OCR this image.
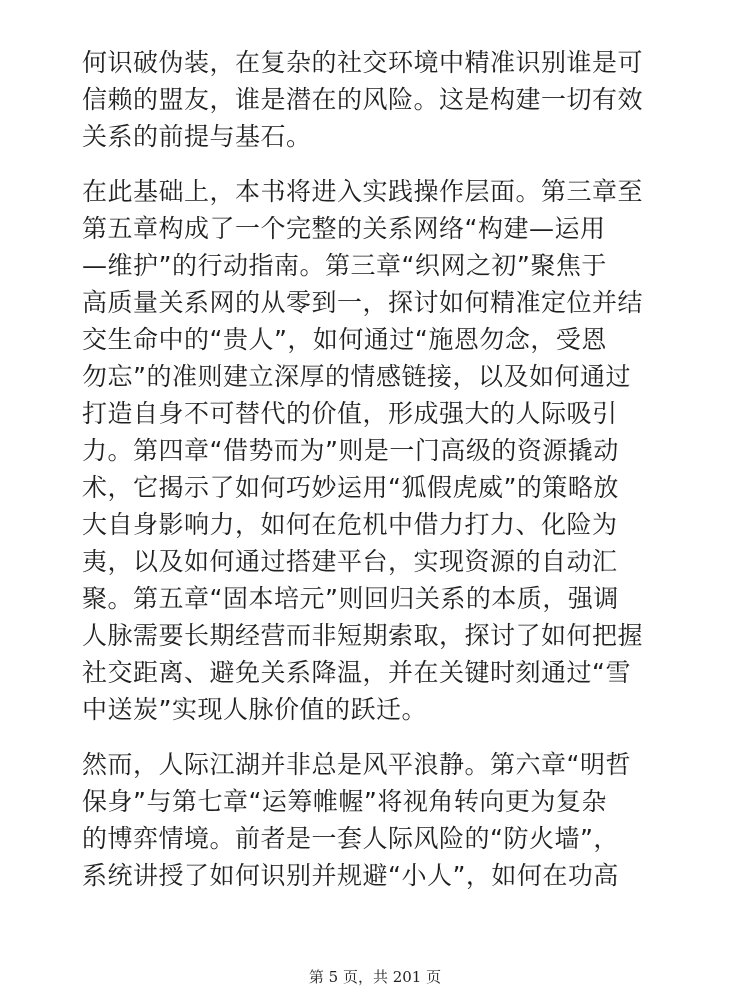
何识破伪装，在复杂的社交环境中精准识别谁是可
信赖的盟友，谁是潜在的风险。这是构建一切有效
关系的前提与基石。

在此基础上，本书将进入实践操作层面。第三章至
第五章构成了一个完整的关系网络“构建—运用
—维护”的行动指南。第三章“织网之初”聚焦于
高质量关系网的从零到一，探讨如何精准定位并结
交生命中的“贵人”，如何通过“施恩勿念，受恩
勿忘”的准则建立深厚的情感链接，以及如何通过
打造自身不可替代的价值，形成强大的人际吸引
力。第四章“借势而为”则是一门高级的资源撬动
术，它揭示了如何巧妙运用“狐假虎威”的策略放
大自身影响力，如何在危机中借力打力、化险为
夷，以及如何通过搭建平台，实现资源的自动汇
聚。第五章“固本培元”则回归关系的本质，强调
人脉需要长期经营而非短期索取，探讨了如何把握
社交距离、避免关系降温，并在关键时刻通过“雪
中送炭”实现人脉价值的跃迁。

然而，人际江湖并非总是风平浪静。第六章“明哲
保身”与第七章“运筹帷幄”将视角转向更为复杂
的博弈情境。前者是一套人际风险的“防火墙”，
系统讲授了如何识别并规避“小人”，如何在功高

第 5 页，共 201 页
